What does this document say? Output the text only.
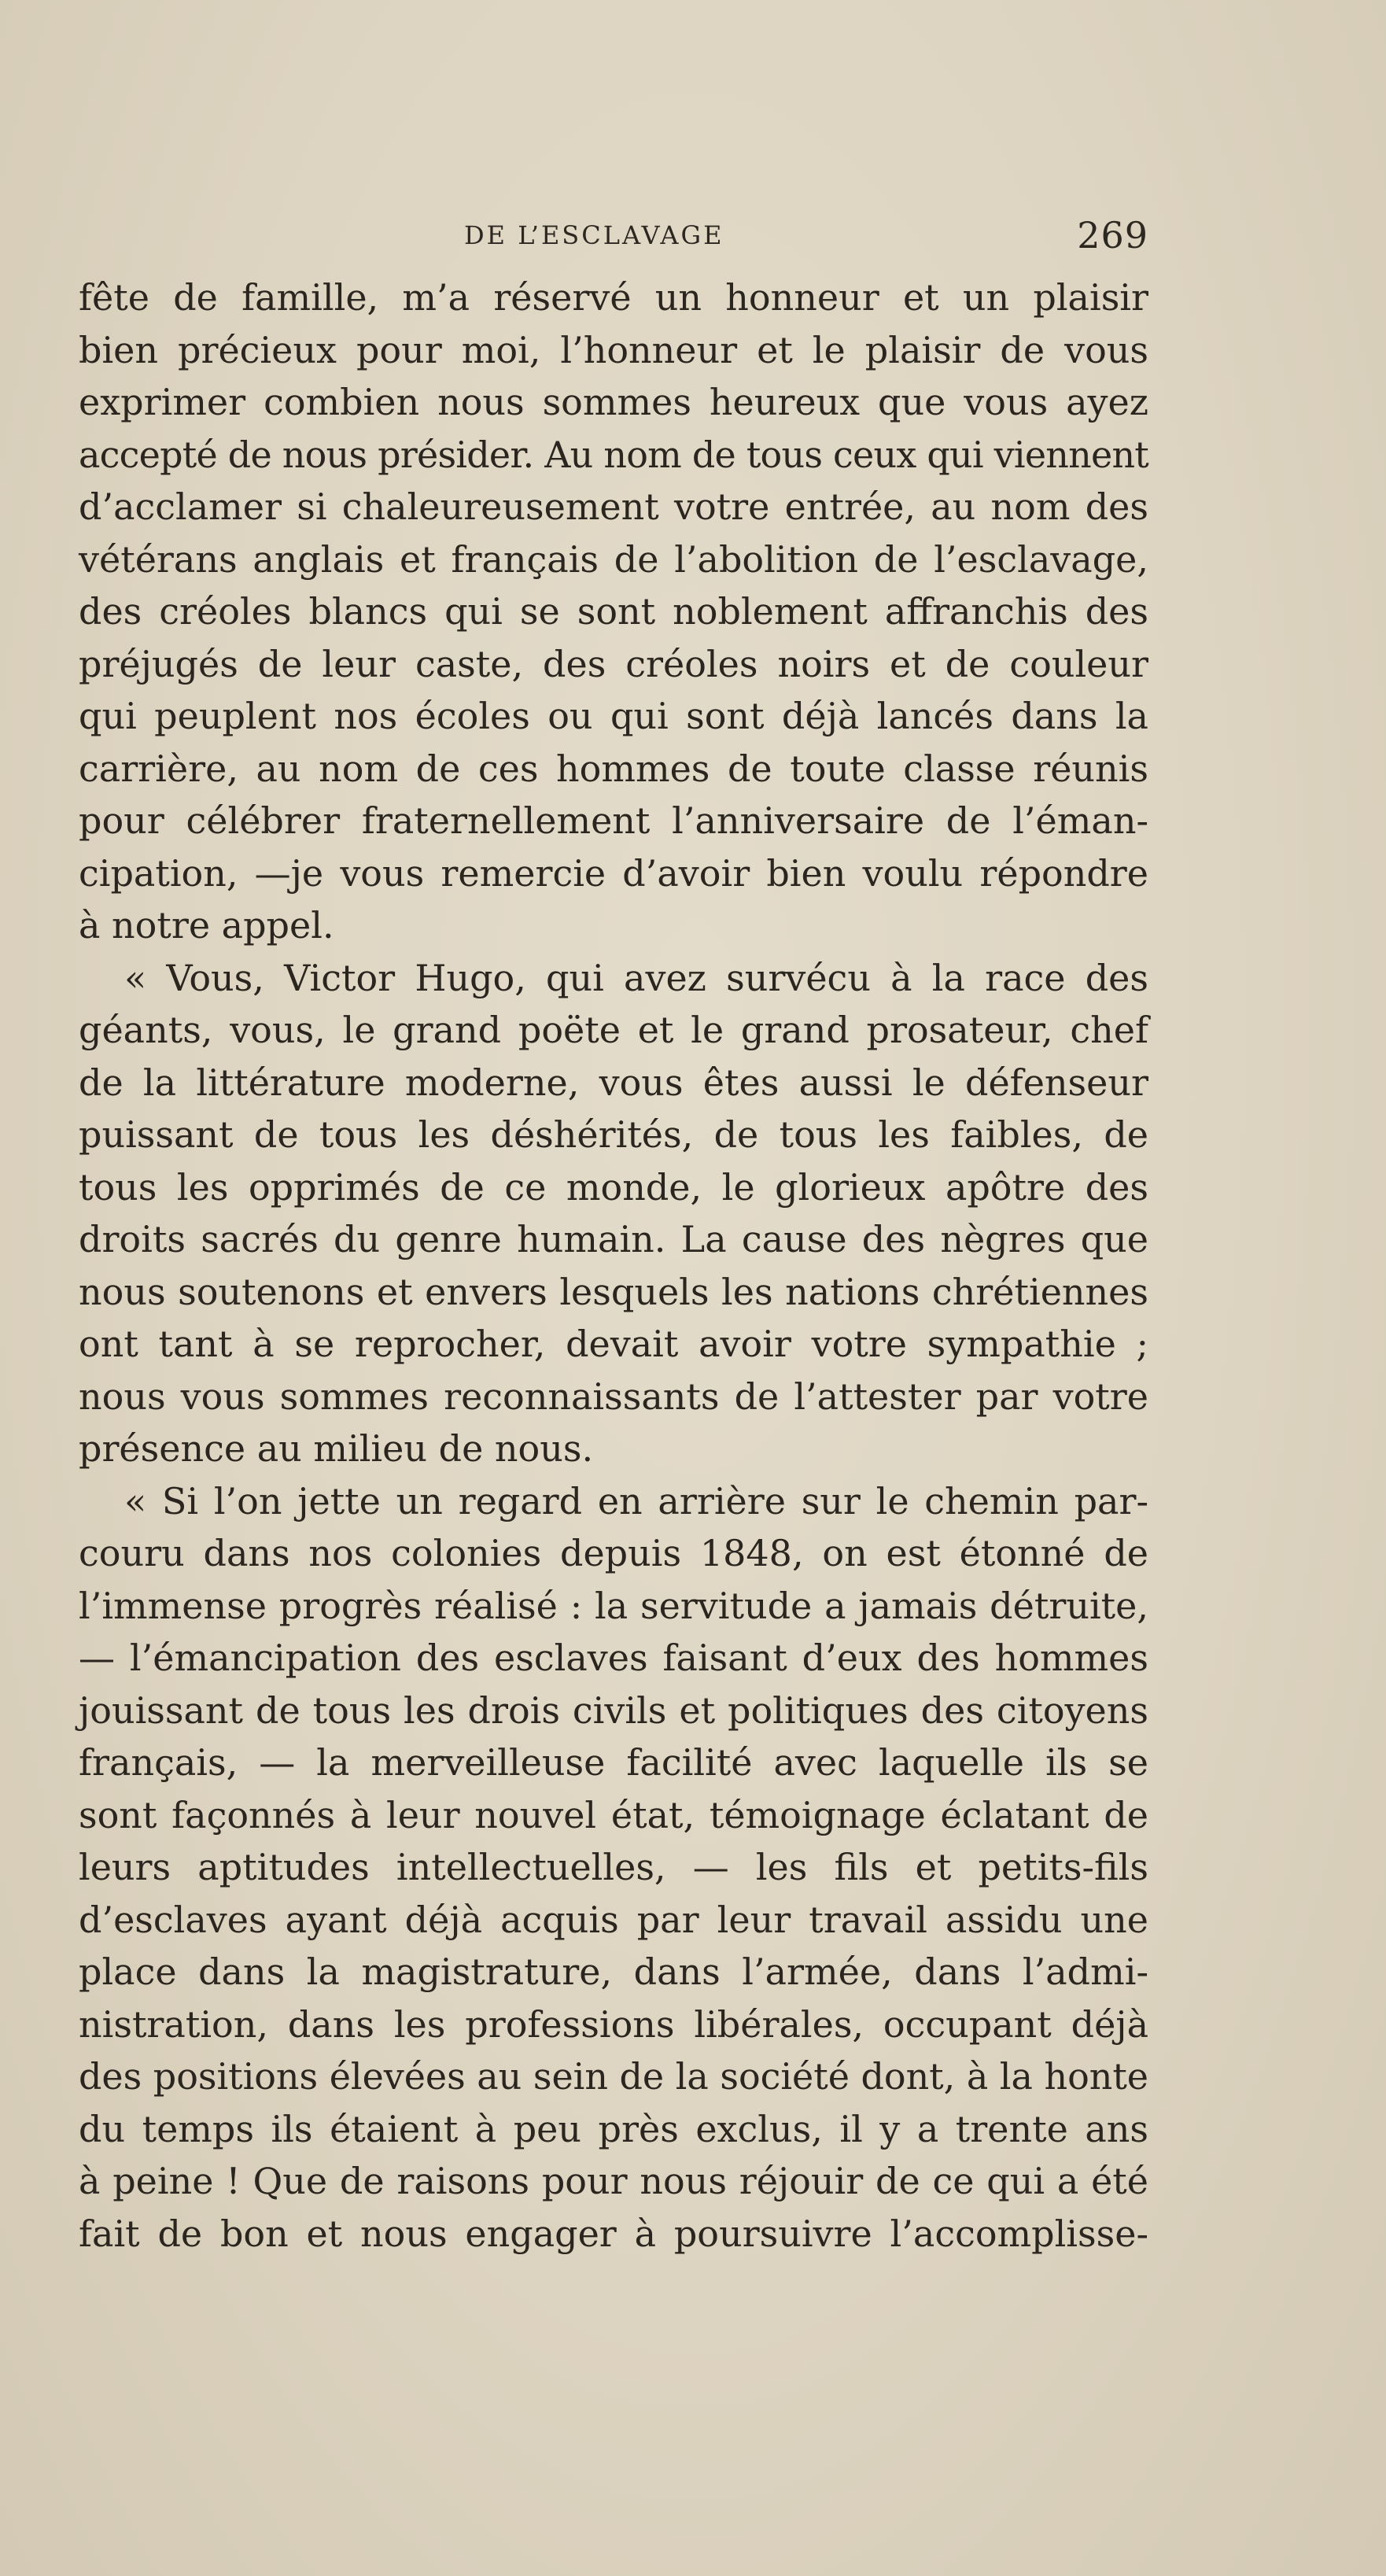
DE L’ESCLAVAGE	269
fête de famille, m’a réservé un honneur et un plaisir
bien précieux pour moi, l’honneur et le plaisir de vous
exprimer combien nous sommes heureux que vous ayez
accepté de nous présider. Au nom de tous ceux qui viennent
d’acclamer si chaleureusement votre entrée, au nom des
vétérans anglais et français de l’abolition de l’esclavage,
des créoles blancs qui se sont noblement affranchis des
préjugés de leur caste, des créoles noirs et de couleur
qui peuplent nos écoles ou qui sont déjà lancés dans la
carrière, au nom de ces hommes de toute classe réunis
pour célébrer fraternellement l’anniversaire de l’éman-
cipation, —je vous remercie d’avoir bien voulu répondre
à notre appel.
« Vous, Victor Hugo, qui avez survécu à la race des
géants, vous, le grand poëte et le grand prosateur, chef
de la littérature moderne, vous êtes aussi le défenseur
puissant de tous les déshérités, de tous les faibles, de
tous les opprimés de ce monde, le glorieux apôtre des
droits sacrés du genre humain. La cause des nègres que
nous soutenons et envers lesquels les nations chrétiennes
ont tant à se reprocher, devait avoir votre sympathie ;
nous vous sommes reconnaissants de l’attester par votre
présence au milieu de nous.
« Si l’on jette un regard en arrière sur le chemin par-
couru dans nos colonies depuis 1848, on est étonné de
l’immense progrès réalisé : la servitude a jamais détruite,
— l’émancipation des esclaves faisant d’eux des hommes
jouissant de tous les drois civils et politiques des citoyens
français, — la merveilleuse facilité avec laquelle ils se
sont façonnés à leur nouvel état, témoignage éclatant de
leurs aptitudes intellectuelles, — les fils et petits-fils
d’esclaves ayant déjà acquis par leur travail assidu une
place dans la magistrature, dans l’armée, dans l’admi-
nistration, dans les professions libérales, occupant déjà
des positions élevées au sein de la société dont, à la honte
du temps ils étaient à peu près exclus, il y a trente ans
à peine ! Que de raisons pour nous réjouir de ce qui a été
fait de bon et nous engager à poursuivre l’accomplisse-
